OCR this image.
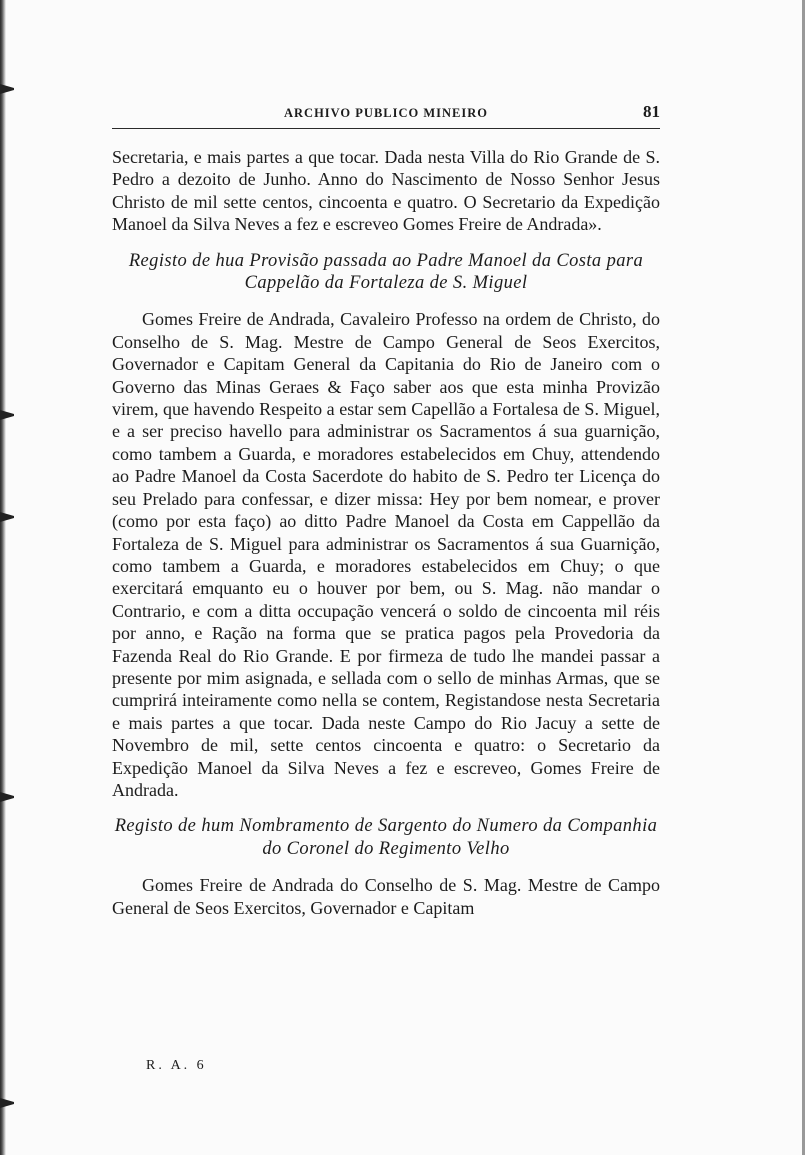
ARCHIVO PUBLICO MINEIRO	81

Secretaria, e mais partes a que tocar. Dada nesta Villa do Rio Grande de S. Pedro a dezoito de Junho. Anno do Nascimento de Nosso Senhor Jesus Christo de mil sette centos, cincoenta e quatro. O Secretario da Expedição Manoel da Silva Neves a fez e escreveo Gomes Freire de Andrada».

Registo de hua Provisão passada ao Padre Manoel da Costa para Cappelão da Fortaleza de S. Miguel

Gomes Freire de Andrada, Cavaleiro Professo na ordem de Christo, do Conselho de S. Mag. Mestre de Campo General de Seos Exercitos, Governador e Capitam General da Capitania do Rio de Janeiro com o Governo das Minas Geraes & Faço saber aos que esta minha Provizão virem, que havendo Respeito a estar sem Capellão a Fortalesa de S. Miguel, e a ser preciso havello para administrar os Sacramentos á sua guarnição, como tambem a Guarda, e moradores estabelecidos em Chuy, attendendo ao Padre Manoel da Costa Sacerdote do habito de S. Pedro ter Licença do seu Prelado para confessar, e dizer missa: Hey por bem nomear, e prover (como por esta faço) ao ditto Padre Manoel da Costa em Cappellão da Fortaleza de S. Miguel para administrar os Sacramentos á sua Guarnição, como tambem a Guarda, e moradores estabelecidos em Chuy; o que exercitará emquanto eu o houver por bem, ou S. Mag. não mandar o Contrario, e com a ditta occupação vencerá o soldo de cincoenta mil réis por anno, e Ração na forma que se pratica pagos pela Provedoria da Fazenda Real do Rio Grande. E por firmeza de tudo lhe mandei passar a presente por mim asignada, e sellada com o sello de minhas Armas, que se cumprirá inteiramente como nella se contem, Registandose nesta Secretaria e mais partes a que tocar. Dada neste Campo do Rio Jacuy a sette de Novembro de mil, sette centos cincoenta e quatro: o Secretario da Expedição Manoel da Silva Neves a fez e escreveo, Gomes Freire de Andrada.

Registo de hum Nombramento de Sargento do Numero da Companhia do Coronel do Regimento Velho

Gomes Freire de Andrada do Conselho de S. Mag. Mestre de Campo General de Seos Exercitos, Governador e Capitam

R. A. 6
